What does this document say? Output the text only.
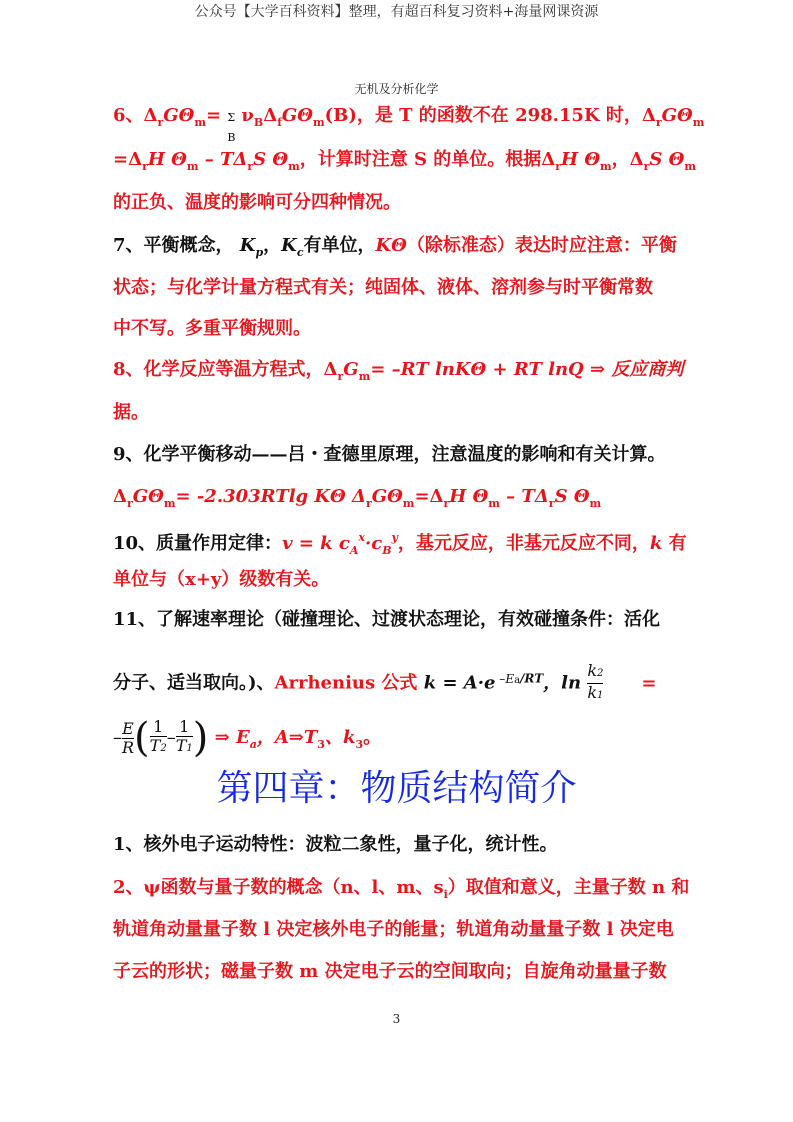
公众号【大学百科资料】整理，有超百科复习资料+海量网课资源
无机及分析化学
6、$\Delta_rG\Theta_m= \Sigma$
B
$\nu_B\Delta_fG\Theta_m(B)$，是 T 的函数不在 298.15K 时，$\Delta_rG\Theta_m$
$=\Delta_rH$ $\Theta_m - T\Delta_rS$ $\Theta_m$，计算时注意 S 的单位。根据$\Delta_rH$ $\Theta_m$，$\Delta_rS$ $\Theta_m$
的正负、温度的影响可分四种情况。
7、平衡概念， $K_p$，$K_c$有单位，KΘ（除标准态）表达时应注意：平衡
状态；与化学计量方程式有关；纯固体、液体、溶剂参与时平衡常数
中不写。多重平衡规则。
8、化学反应等温方程式，$\Delta_rG_m= -RT$ lnKΘ + RT lnQ ⇒ 反应商判
据。
9、化学平衡移动——吕・查德里原理，注意温度的影响和有关计算。
$\Delta_rG\Theta_m= -2.303RTlg$ KΘ $\Delta_rG\Theta_m=\Delta_rH$ $\Theta_m - T\Delta_rS$ $\Theta_m$
10、质量作用定律：v = k $c_A^x\cdot c_B^y$，基元反应，非基元反应不同，k 有
单位与（x+y）级数有关。
11、了解速率理论（碰撞理论、过渡状态理论，有效碰撞条件：活化
分子、适当取向。)、Arrhenius 公式 k = A·e $^{-Ea/RT}$，$\ln \frac{k2}{k1}$ =
– $\frac{E}{R}$ ( $\frac{1}{T2} - \frac{1}{T1}$ ) ⇒ $E_a$，$A\Rightarrow T_3$、$k_3$。
第四章：物质结构简介
1、核外电子运动特性：波粒二象性，量子化，统计性。
2、ψ函数与量子数的概念（n、l、m、$s_i$）取值和意义，主量子数 n 和
轨道角动量量子数 l 决定核外电子的能量；轨道角动量量子数 l 决定电
子云的形状；磁量子数 m 决定电子云的空间取向；自旋角动量量子数
3
